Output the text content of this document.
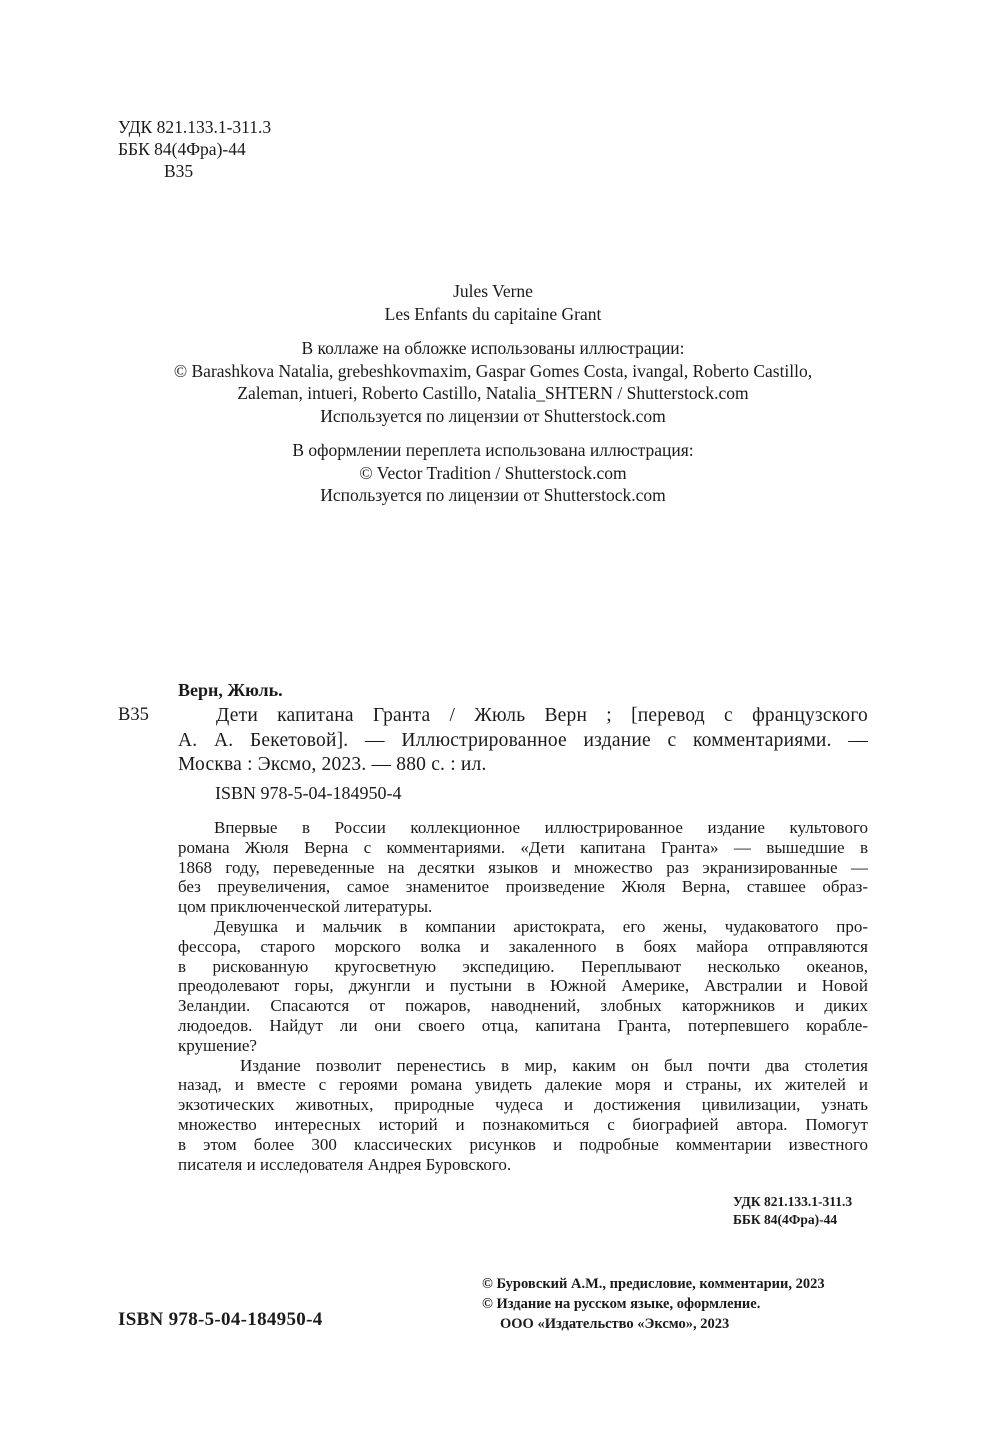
УДК 821.133.1-311.3
ББК 84(4Фра)-44
В35
Jules Verne
Les Enfants du capitaine Grant
В коллаже на обложке использованы иллюстрации:
© Barashkova Natalia, grebeshkovmaxim, Gaspar Gomes Costa, ivangal, Roberto Castillo,
Zaleman, intueri, Roberto Castillo, Natalia_SHTERN / Shutterstock.com
Используется по лицензии от Shutterstock.com
В оформлении переплета использована иллюстрация:
© Vector Tradition / Shutterstock.com
Используется по лицензии от Shutterstock.com
Верн, Жюль.
В35	Дети капитана Гранта / Жюль Верн ; [перевод с французского
А. А. Бекетовой]. — Иллюстрированное издание с комментариями. —
Москва : Эксмо, 2023. — 880 с. : ил.
ISBN 978-5-04-184950-4
Впервые в России коллекционное иллюстрированное издание культового
романа Жюля Верна с комментариями. «Дети капитана Гранта» — вышедшие в
1868 году, переведенные на десятки языков и множество раз экранизированные —
без преувеличения, самое знаменитое произведение Жюля Верна, ставшее образ-
цом приключенческой литературы.
Девушка и мальчик в компании аристократа, его жены, чудаковатого про-
фессора, старого морского волка и закаленного в боях майора отправляются
в рискованную кругосветную экспедицию. Переплывают несколько океанов,
преодолевают горы, джунгли и пустыни в Южной Америке, Австралии и Новой
Зеландии. Спасаются от пожаров, наводнений, злобных каторжников и диких
людоедов. Найдут ли они своего отца, капитана Гранта, потерпевшего корабле-
крушение?
Издание позволит перенестись в мир, каким он был почти два столетия
назад, и вместе с героями романа увидеть далекие моря и страны, их жителей и
экзотических животных, природные чудеса и достижения цивилизации, узнать
множество интересных историй и познакомиться с биографией автора. Помогут
в этом более 300 классических рисунков и подробные комментарии известного
писателя и исследователя Андрея Буровского.
УДК 821.133.1-311.3
ББК 84(4Фра)-44
ISBN 978-5-04-184950-4
© Буровский А.М., предисловие, комментарии, 2023
© Издание на русском языке, оформление.
ООО «Издательство «Эксмо», 2023
